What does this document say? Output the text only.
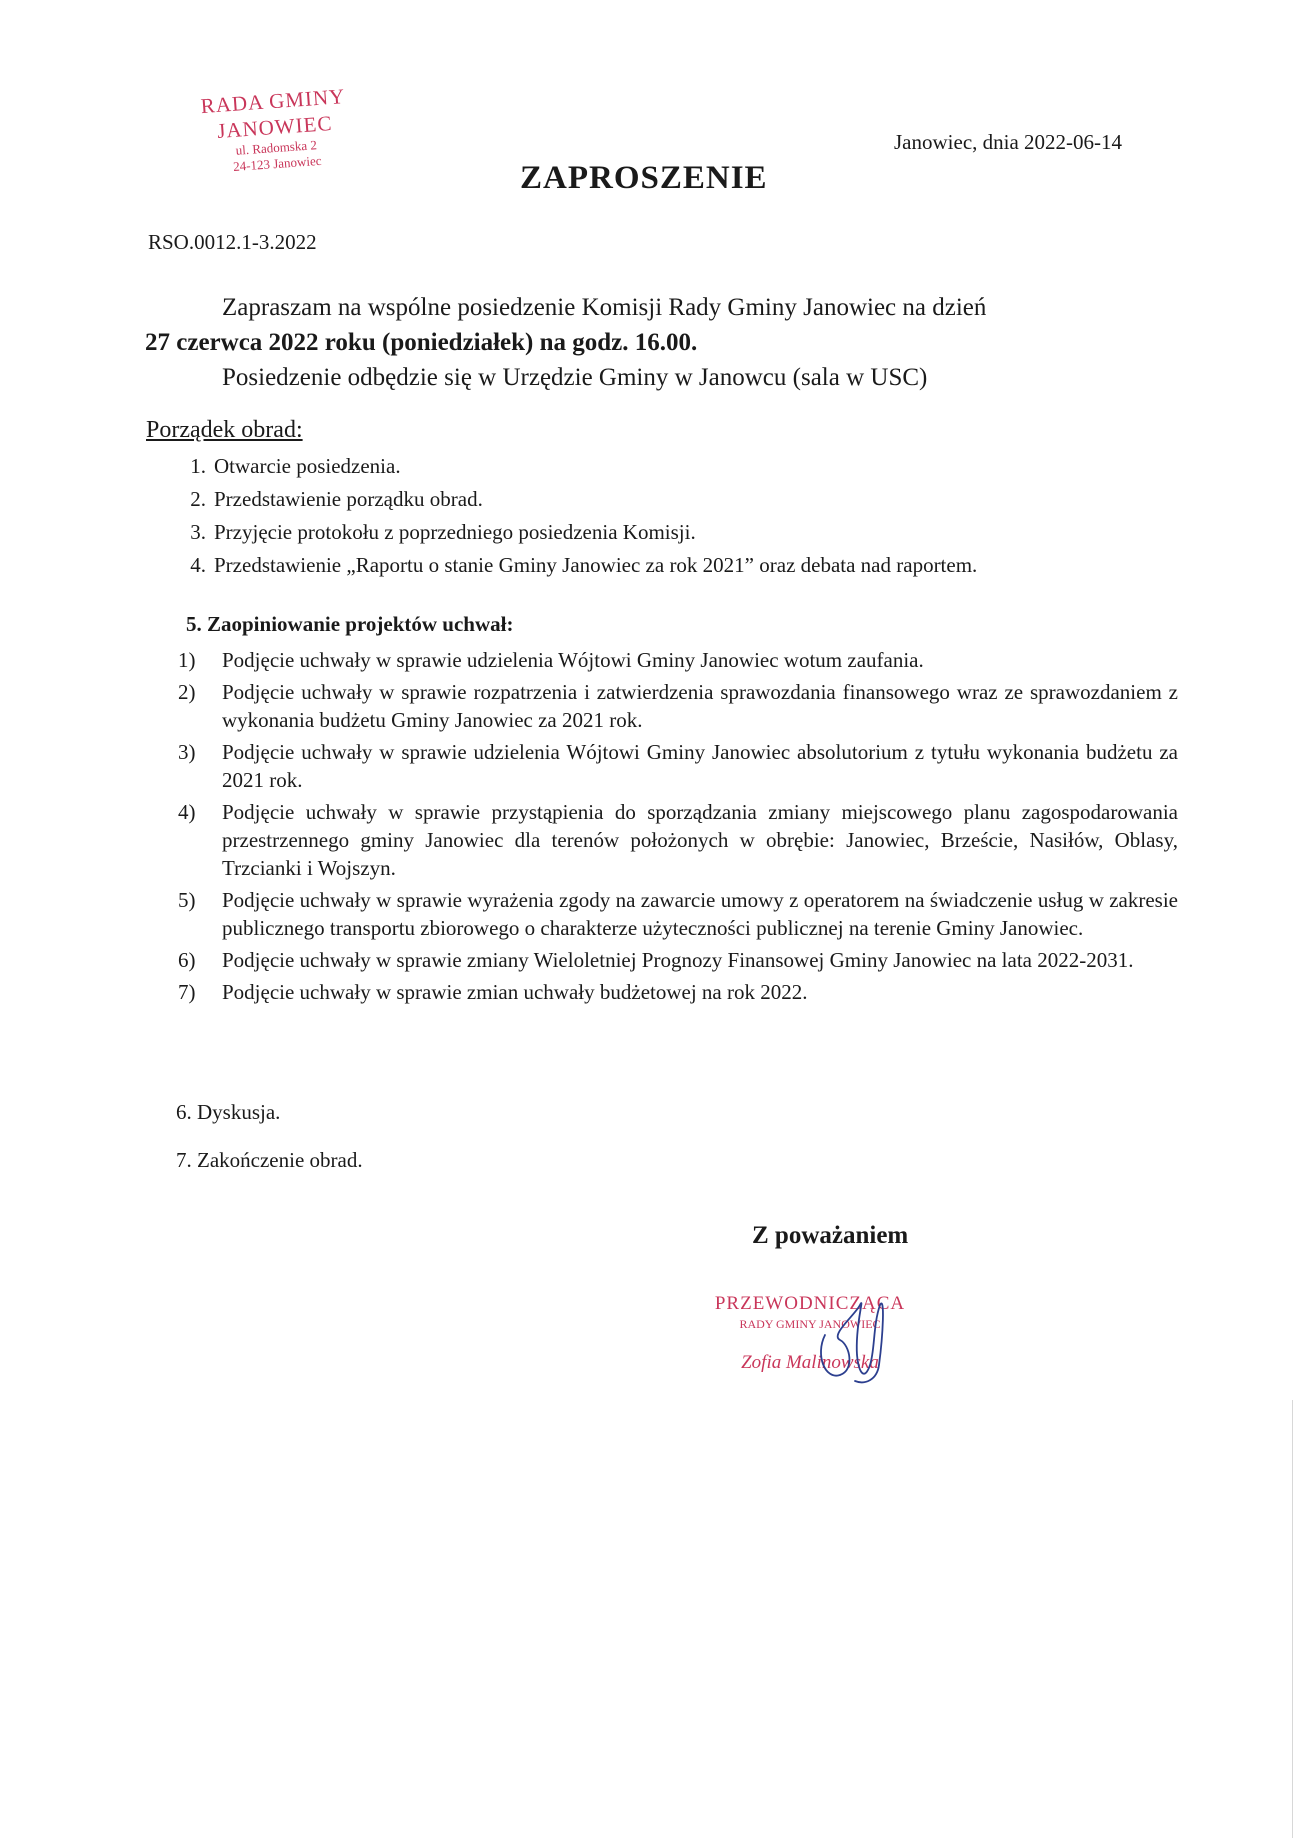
RADA GMINY
JANOWIEC
ul. Radomska 2
24-123 Janowiec
Janowiec, dnia 2022-06-14
ZAPROSZENIE
RSO.0012.1-3.2022
Zapraszam na wspólne posiedzenie Komisji Rady Gminy Janowiec na dzień
27 czerwca 2022 roku (poniedziałek) na godz. 16.00.
Posiedzenie odbędzie się w Urzędzie Gminy w Janowcu (sala w USC)
Porządek obrad:
1. Otwarcie posiedzenia.
2. Przedstawienie porządku obrad.
3. Przyjęcie protokołu z poprzedniego posiedzenia Komisji.
4. Przedstawienie „Raportu o stanie Gminy Janowiec za rok 2021” oraz debata nad raportem.
5. Zaopiniowanie projektów uchwał:
1)	Podjęcie uchwały w sprawie udzielenia Wójtowi Gminy Janowiec wotum zaufania.
2)	Podjęcie uchwały w sprawie rozpatrzenia i zatwierdzenia sprawozdania finansowego wraz ze sprawozdaniem z wykonania budżetu Gminy Janowiec za 2021 rok.
3)	Podjęcie uchwały w sprawie udzielenia Wójtowi Gminy Janowiec absolutorium z tytułu wykonania budżetu za 2021 rok.
4)	Podjęcie uchwały w sprawie przystąpienia do sporządzania zmiany miejscowego planu zagospodarowania przestrzennego gminy Janowiec dla terenów położonych w obrębie: Janowiec, Brzeście, Nasiłów, Oblasy, Trzcianki i Wojszyn.
5)	Podjęcie uchwały w sprawie wyrażenia zgody na zawarcie umowy z operatorem na świadczenie usług w zakresie publicznego transportu zbiorowego o charakterze użyteczności publicznej na terenie Gminy Janowiec.
6)	Podjęcie uchwały w sprawie zmiany Wieloletniej Prognozy Finansowej Gminy Janowiec na lata 2022-2031.
7)	Podjęcie uchwały w sprawie zmian uchwały budżetowej na rok 2022.
6. Dyskusja.
7. Zakończenie obrad.
Z poważaniem
PRZEWODNICZĄCA
RADY GMINY JANOWIEC
Zofia Malinowska
